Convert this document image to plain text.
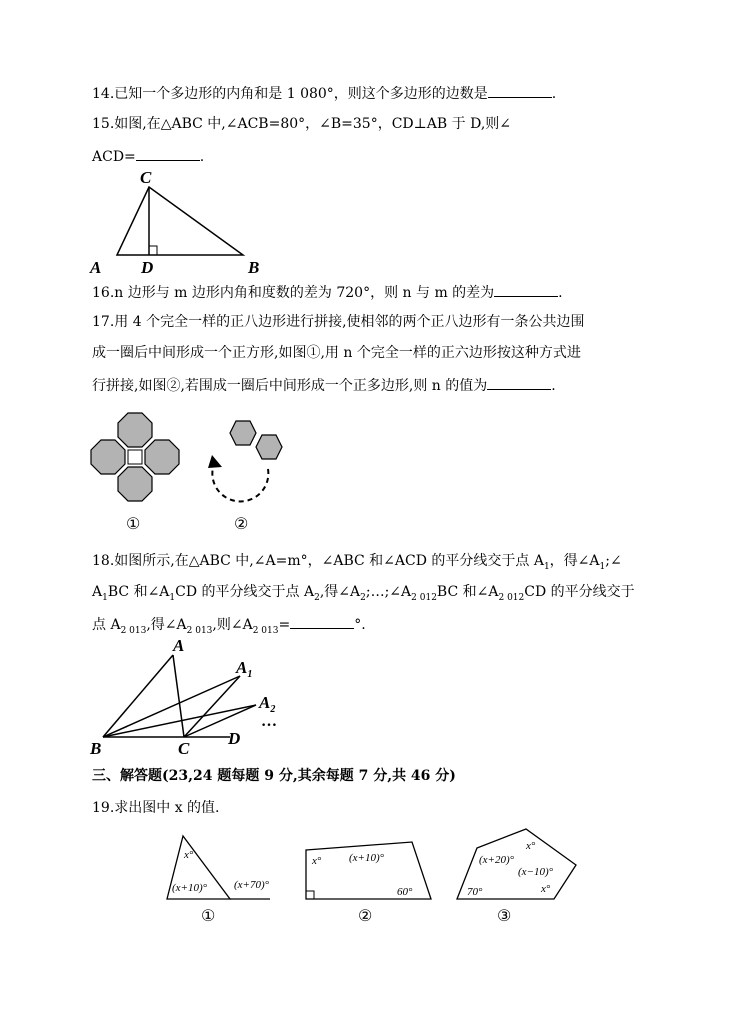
14.已知一个多边形的内角和是 1 080°，则这个多边形的边数是	.
15.如图,在△ABC 中,∠ACB=80°，∠B=35°，CD⊥AB 于 D,则∠
ACD=	.
C
A D	B
16.n 边形与 m 边形内角和度数的差为 720°，则 n 与 m 的差为	.
17.用 4 个完全一样的正八边形进行拼接,使相邻的两个正八边形有一条公共边围
成一圈后中间形成一个正方形,如图①,用 n 个完全一样的正六边形按这种方式进
行拼接,如图②,若围成一圈后中间形成一个正多边形,则 n 的值为	.
①	②
18.如图所示,在△ABC 中,∠A=m°，∠ABC 和∠ACD 的平分线交于点 $A_1$，得$\angle A_1;\angle$
$A_1BC$ 和$\angle A_1CD$ 的平分线交于点 $A_2$,得$\angle A_2;\dots;\angle A_{2 012}BC$ 和$\angle A_{2 012}CD$ 的平分线交于
点 $A_{2 013}$,得$\angle A_{2 013}$,则$\angle A_{2 013}=$	°.
A
$A_1$
$A_2$
…
B	C
D
三、解答题(23,24 题每题 9 分,其余每题 7 分,共 46 分)
19.求出图中 x 的值.
x°
(x+10)° (x+70)°
①
x°	(x+10)°
60°
②
x°
(x+20)°
(x−10)°
70°	x°
③
